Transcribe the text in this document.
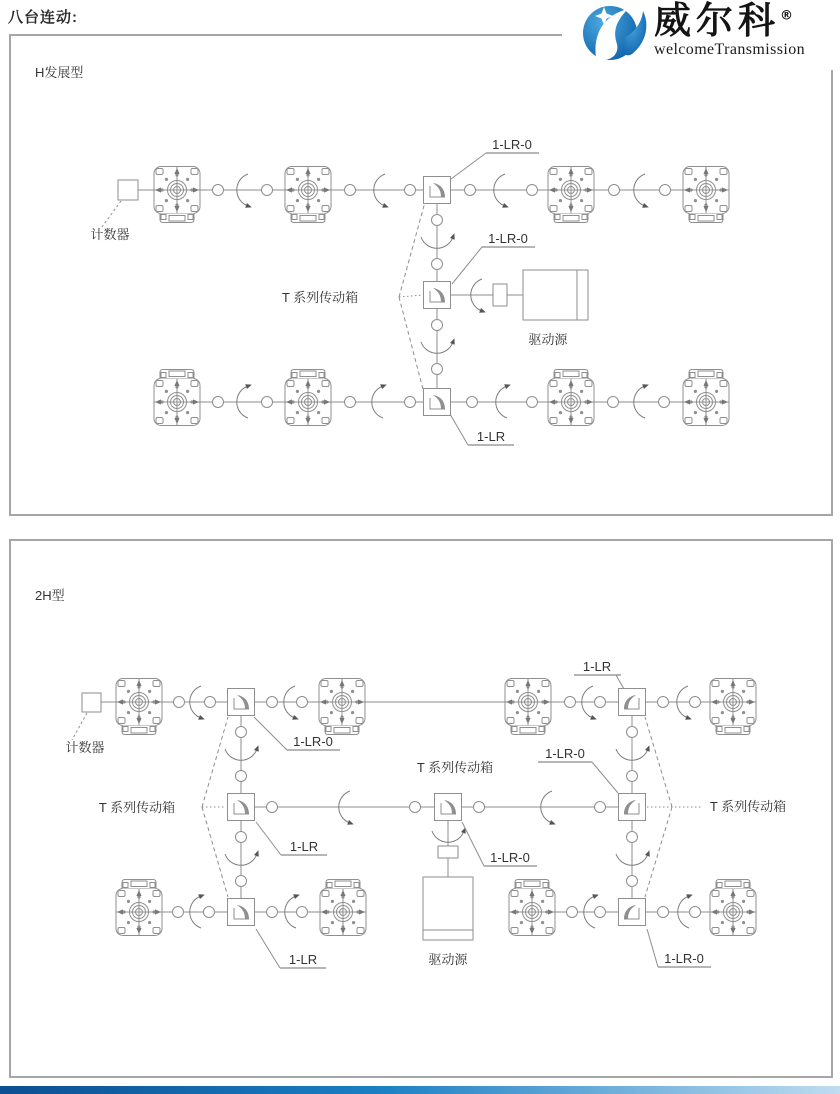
八台连动:
H发展型
计数器
1-LR-0
1-LR-0
T 系列传动箱
驱动源
1-LR
2H型
计数器	1-LR-0
1-LR
T 系列传动箱
T 系列传动箱
T 系列传动箱
1-LR-0
1-LR
1-LR-0
驱动源
1-LR	1-LR-0
威尔科®
welcomeTransmission
